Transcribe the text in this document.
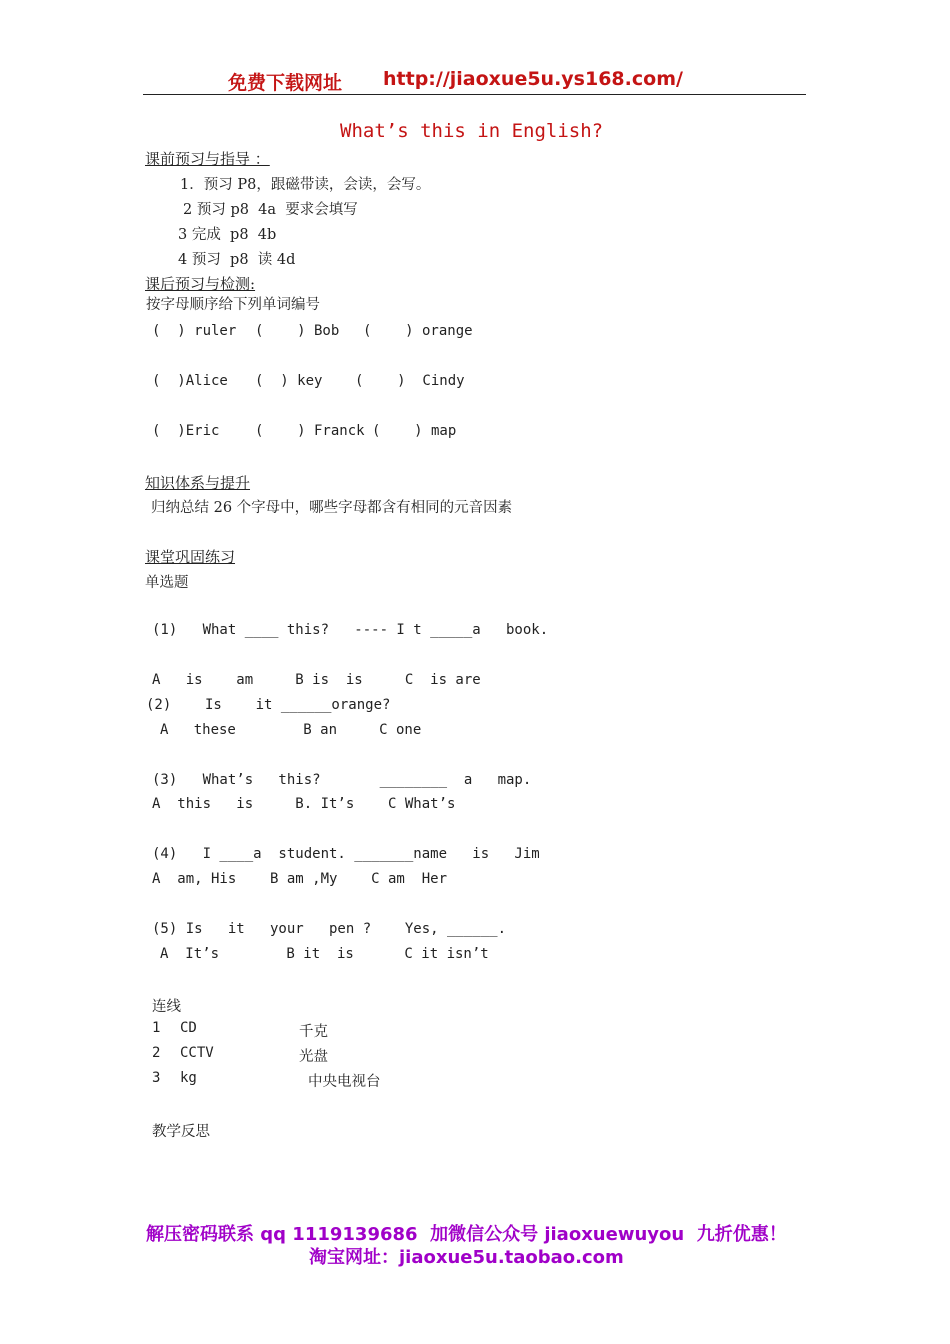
免费下载网址 http://jiaoxue5u.ys168.com/
What’s this in English?
课前预习与指导 ：
1．预习 P8，跟磁带读，会读，会写。
2 预习 p8  4a  要求会填写
3 完成  p8  4b
4 预习  p8  读 4d
课后预习与检测:
按字母顺序给下列单词编号
(  ) ruler (    ) Bob (    ) orange
(  )Alice (  ) key (    )  Cindy
(  )Eric	(    ) Franck (    ) map
知识体系与提升
归纳总结 26 个字母中，哪些字母都含有相同的元音因素
课堂巩固练习
单选题
(1)   What ____ this?   ---- I t _____a   book.
A   is    am     B is  is     C  is are
(2)    Is    it ______orange?
A   these        B an     C one
(3)   What’s   this?       ________  a   map.
A  this   is     B. It’s    C What’s
(4)   I ____a  student. _______name   is   Jim
A  am, His    B am ,My    C am  Her
(5) Is   it   your   pen ?    Yes, ______.
A  It’s        B it  is      C it isn’t
连线
1 CD	千克
2 CCTV	光盘
3 kg	中央电视台
教学反思
解压密码联系 qq 1119139686  加微信公众号 jiaoxuewuyou  九折优惠！
淘宝网址：jiaoxue5u.taobao.com
